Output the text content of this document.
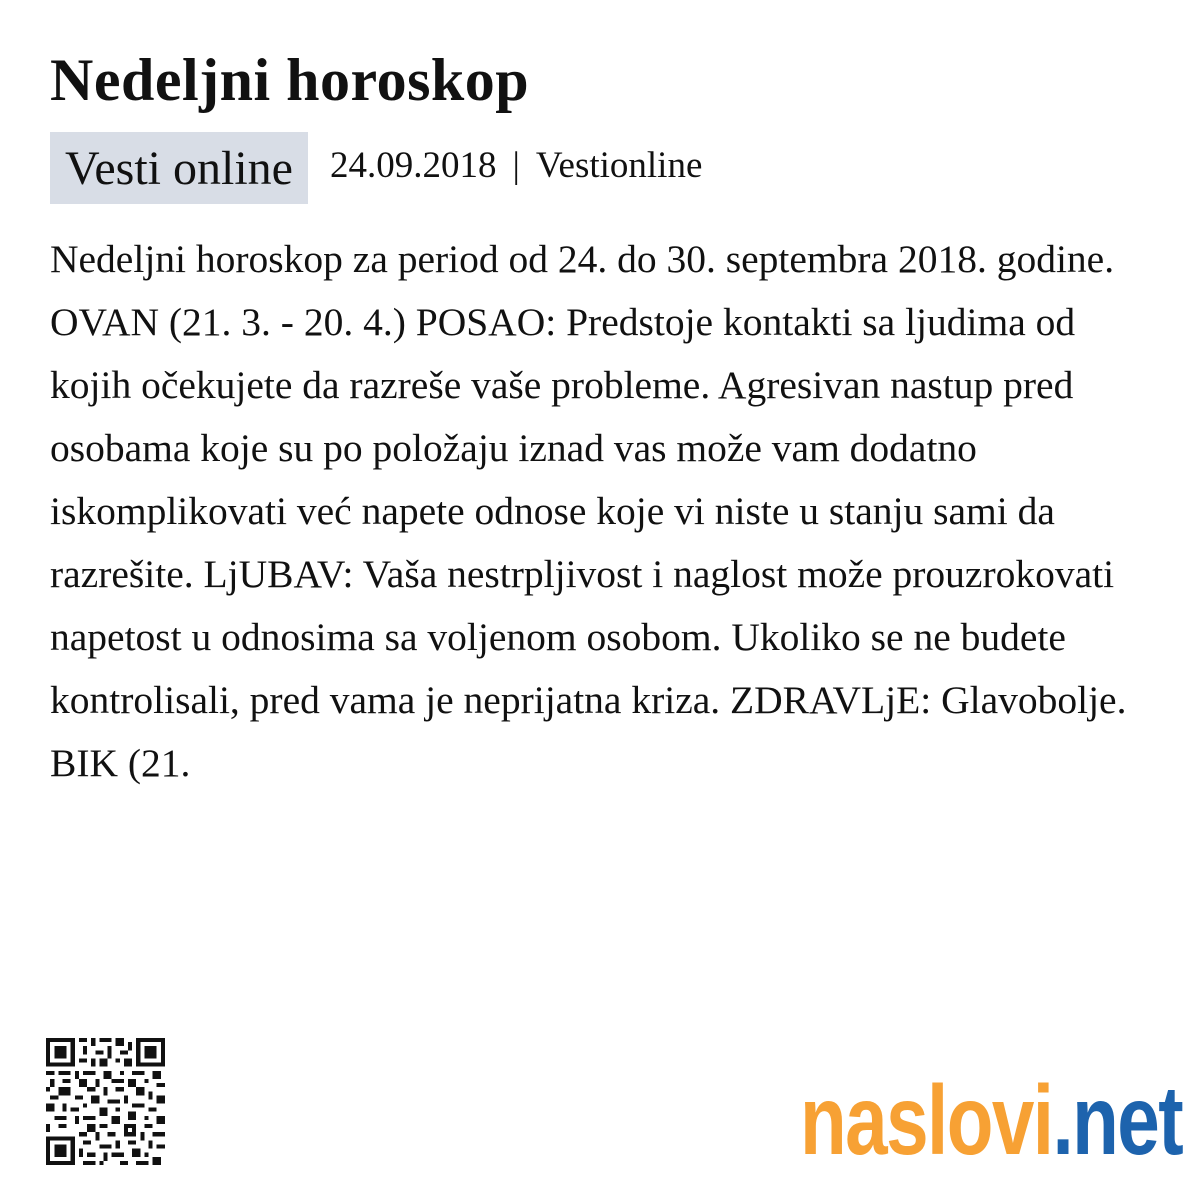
Nedeljni horoskop
Vesti online	24.09.2018 | Vestionline

Nedeljni horoskop za period od 24. do 30. septembra 2018. godine. OVAN (21. 3. - 20. 4.) POSAO: Predstoje kontakti sa ljudima od kojih očekujete da razreše vaše probleme. Agresivan nastup pred osobama koje su po položaju iznad vas može vam dodatno iskomplikovati već napete odnose koje vi niste u stanju sami da razrešite. LjUBAV: Vaša nestrpljivost i naglost može prouzrokovati napetost u odnosima sa voljenom osobom. Ukoliko se ne budete kontrolisali, pred vama je neprijatna kriza. ZDRAVLjE: Glavobolje. BIK (21.

naslovi .net
